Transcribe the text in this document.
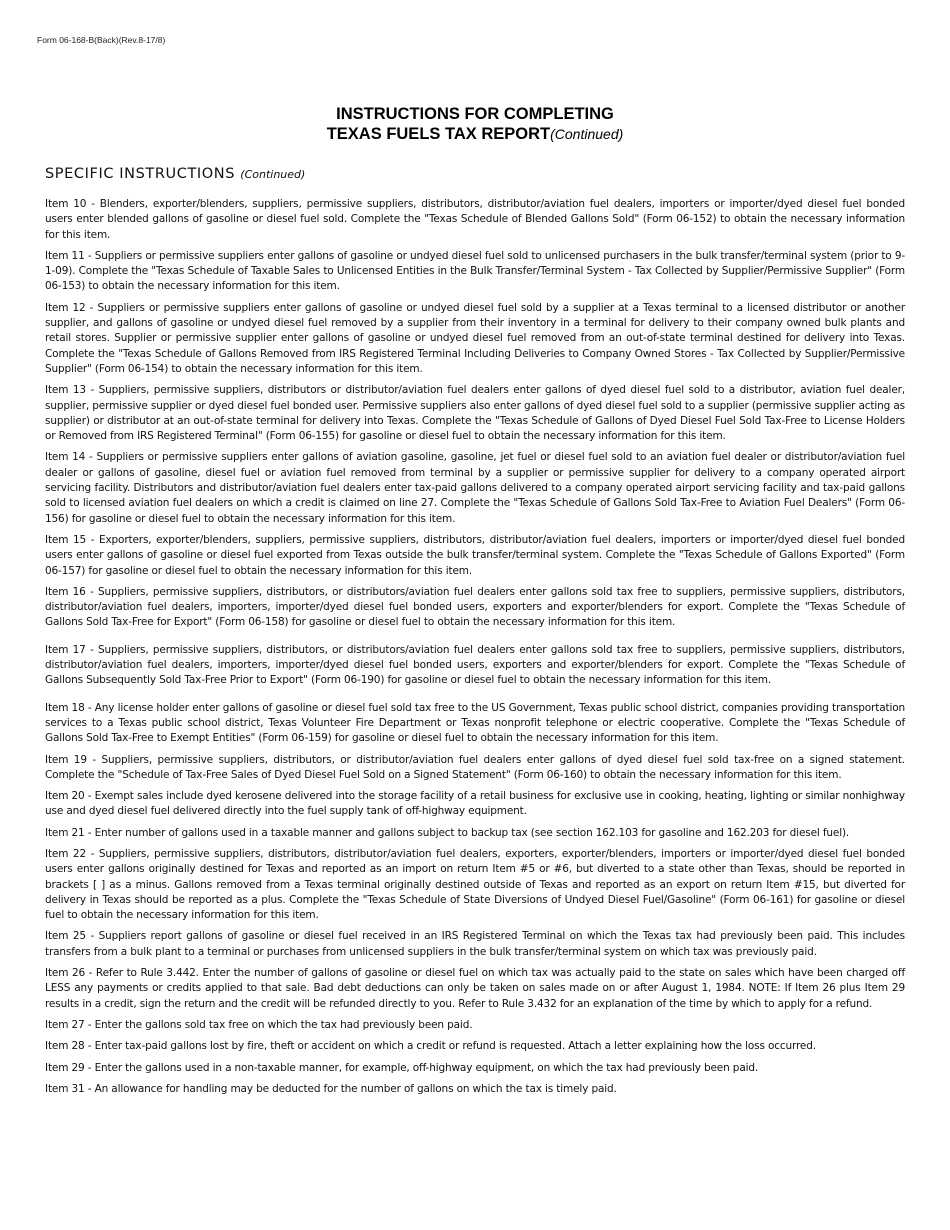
Form 06-168-B(Back)(Rev.8-17/8)
INSTRUCTIONS FOR COMPLETING
TEXAS FUELS TAX REPORT(Continued)
SPECIFIC INSTRUCTIONS (Continued)

Item 10 - Blenders, exporter/blenders, suppliers, permissive suppliers, distributors, distributor/aviation fuel dealers, importers or importer/dyed diesel fuel bonded users enter blended gallons of gasoline or diesel fuel sold. Complete the "Texas Schedule of Blended Gallons Sold" (Form 06-152) to obtain the necessary information for this item.

Item 11 - Suppliers or permissive suppliers enter gallons of gasoline or undyed diesel fuel sold to unlicensed purchasers in the bulk transfer/terminal system (prior to 9-1-09). Complete the "Texas Schedule of Taxable Sales to Unlicensed Entities in the Bulk Transfer/Terminal System - Tax Collected by Supplier/Permissive Supplier" (Form 06-153) to obtain the necessary information for this item.

Item 12 - Suppliers or permissive suppliers enter gallons of gasoline or undyed diesel fuel sold by a supplier at a Texas terminal to a licensed distributor or another supplier, and gallons of gasoline or undyed diesel fuel removed by a supplier from their inventory in a terminal for delivery to their company owned bulk plants and retail stores. Supplier or permissive supplier enter gallons of gasoline or undyed diesel fuel removed from an out-of-state terminal destined for delivery into Texas. Complete the "Texas Schedule of Gallons Removed from IRS Registered Terminal Including Deliveries to Company Owned Stores - Tax Collected by Supplier/Permissive Supplier" (Form 06-154) to obtain the necessary information for this item.

Item 13 - Suppliers, permissive suppliers, distributors or distributor/aviation fuel dealers enter gallons of dyed diesel fuel sold to a distributor, aviation fuel dealer, supplier, permissive supplier or dyed diesel fuel bonded user. Permissive suppliers also enter gallons of dyed diesel fuel sold to a supplier (permissive supplier acting as supplier) or distributor at an out-of-state terminal for delivery into Texas. Complete the "Texas Schedule of Gallons of Dyed Diesel Fuel Sold Tax-Free to License Holders or Removed from IRS Registered Terminal" (Form 06-155) for gasoline or diesel fuel to obtain the necessary information for this item.

Item 14 - Suppliers or permissive suppliers enter gallons of aviation gasoline, gasoline, jet fuel or diesel fuel sold to an aviation fuel dealer or distributor/aviation fuel dealer or gallons of gasoline, diesel fuel or aviation fuel removed from terminal by a supplier or permissive supplier for delivery to a company operated airport servicing facility. Distributors and distributor/aviation fuel dealers enter tax-paid gallons delivered to a company operated airport servicing facility and tax-paid gallons sold to licensed aviation fuel dealers on which a credit is claimed on line 27. Complete the "Texas Schedule of Gallons Sold Tax-Free to Aviation Fuel Dealers" (Form 06-156) for gasoline or diesel fuel to obtain the necessary information for this item.

Item 15 - Exporters, exporter/blenders, suppliers, permissive suppliers, distributors, distributor/aviation fuel dealers, importers or importer/dyed diesel fuel bonded users enter gallons of gasoline or diesel fuel exported from Texas outside the bulk transfer/terminal system. Complete the "Texas Schedule of Gallons Exported" (Form 06-157) for gasoline or diesel fuel to obtain the necessary information for this item.

Item 16 - Suppliers, permissive suppliers, distributors, or distributors/aviation fuel dealers enter gallons sold tax free to suppliers, permissive suppliers, distributors, distributor/aviation fuel dealers, importers, importer/dyed diesel fuel bonded users, exporters and exporter/blenders for export. Complete the "Texas Schedule of Gallons Sold Tax-Free for Export" (Form 06-158) for gasoline or diesel fuel to obtain the necessary information for this item.

Item 17 - Suppliers, permissive suppliers, distributors, or distributors/aviation fuel dealers enter gallons sold tax free to suppliers, permissive suppliers, distributors, distributor/aviation fuel dealers, importers, importer/dyed diesel fuel bonded users, exporters and exporter/blenders for export. Complete the "Texas Schedule of Gallons Subsequently Sold Tax-Free Prior to Export" (Form 06-190) for gasoline or diesel fuel to obtain the necessary information for this item.

Item 18 - Any license holder enter gallons of gasoline or diesel fuel sold tax free to the US Government, Texas public school district, companies providing transportation services to a Texas public school district, Texas Volunteer Fire Department or Texas nonprofit telephone or electric cooperative. Complete the "Texas Schedule of Gallons Sold Tax-Free to Exempt Entities" (Form 06-159) for gasoline or diesel fuel to obtain the necessary information for this item.

Item 19 - Suppliers, permissive suppliers, distributors, or distributor/aviation fuel dealers enter gallons of dyed diesel fuel sold tax-free on a signed statement. Complete the "Schedule of Tax-Free Sales of Dyed Diesel Fuel Sold on a Signed Statement" (Form 06-160) to obtain the necessary information for this item.

Item 20 - Exempt sales include dyed kerosene delivered into the storage facility of a retail business for exclusive use in cooking, heating, lighting or similar nonhighway use and dyed diesel fuel delivered directly into the fuel supply tank of off-highway equipment.

Item 21 - Enter number of gallons used in a taxable manner and gallons subject to backup tax (see section 162.103 for gasoline and 162.203 for diesel fuel).

Item 22 - Suppliers, permissive suppliers, distributors, distributor/aviation fuel dealers, exporters, exporter/blenders, importers or importer/dyed diesel fuel bonded users enter gallons originally destined for Texas and reported as an import on return Item #5 or #6, but diverted to a state other than Texas, should be reported in brackets [ ] as a minus. Gallons removed from a Texas terminal originally destined outside of Texas and reported as an export on return Item #15, but diverted for delivery in Texas should be reported as a plus. Complete the "Texas Schedule of State Diversions of Undyed Diesel Fuel/Gasoline" (Form 06-161) for gasoline or diesel fuel to obtain the necessary information for this item.

Item 25 - Suppliers report gallons of gasoline or diesel fuel received in an IRS Registered Terminal on which the Texas tax had previously been paid. This includes transfers from a bulk plant to a terminal or purchases from unlicensed suppliers in the bulk transfer/terminal system on which tax was previously paid.

Item 26 - Refer to Rule 3.442. Enter the number of gallons of gasoline or diesel fuel on which tax was actually paid to the state on sales which have been charged off LESS any payments or credits applied to that sale. Bad debt deductions can only be taken on sales made on or after August 1, 1984. NOTE: If Item 26 plus Item 29 results in a credit, sign the return and the credit will be refunded directly to you. Refer to Rule 3.432 for an explanation of the time by which to apply for a refund.

Item 27 - Enter the gallons sold tax free on which the tax had previously been paid.

Item 28 - Enter tax-paid gallons lost by fire, theft or accident on which a credit or refund is requested. Attach a letter explaining how the loss occurred.

Item 29 - Enter the gallons used in a non-taxable manner, for example, off-highway equipment, on which the tax had previously been paid.

Item 31 - An allowance for handling may be deducted for the number of gallons on which the tax is timely paid.
